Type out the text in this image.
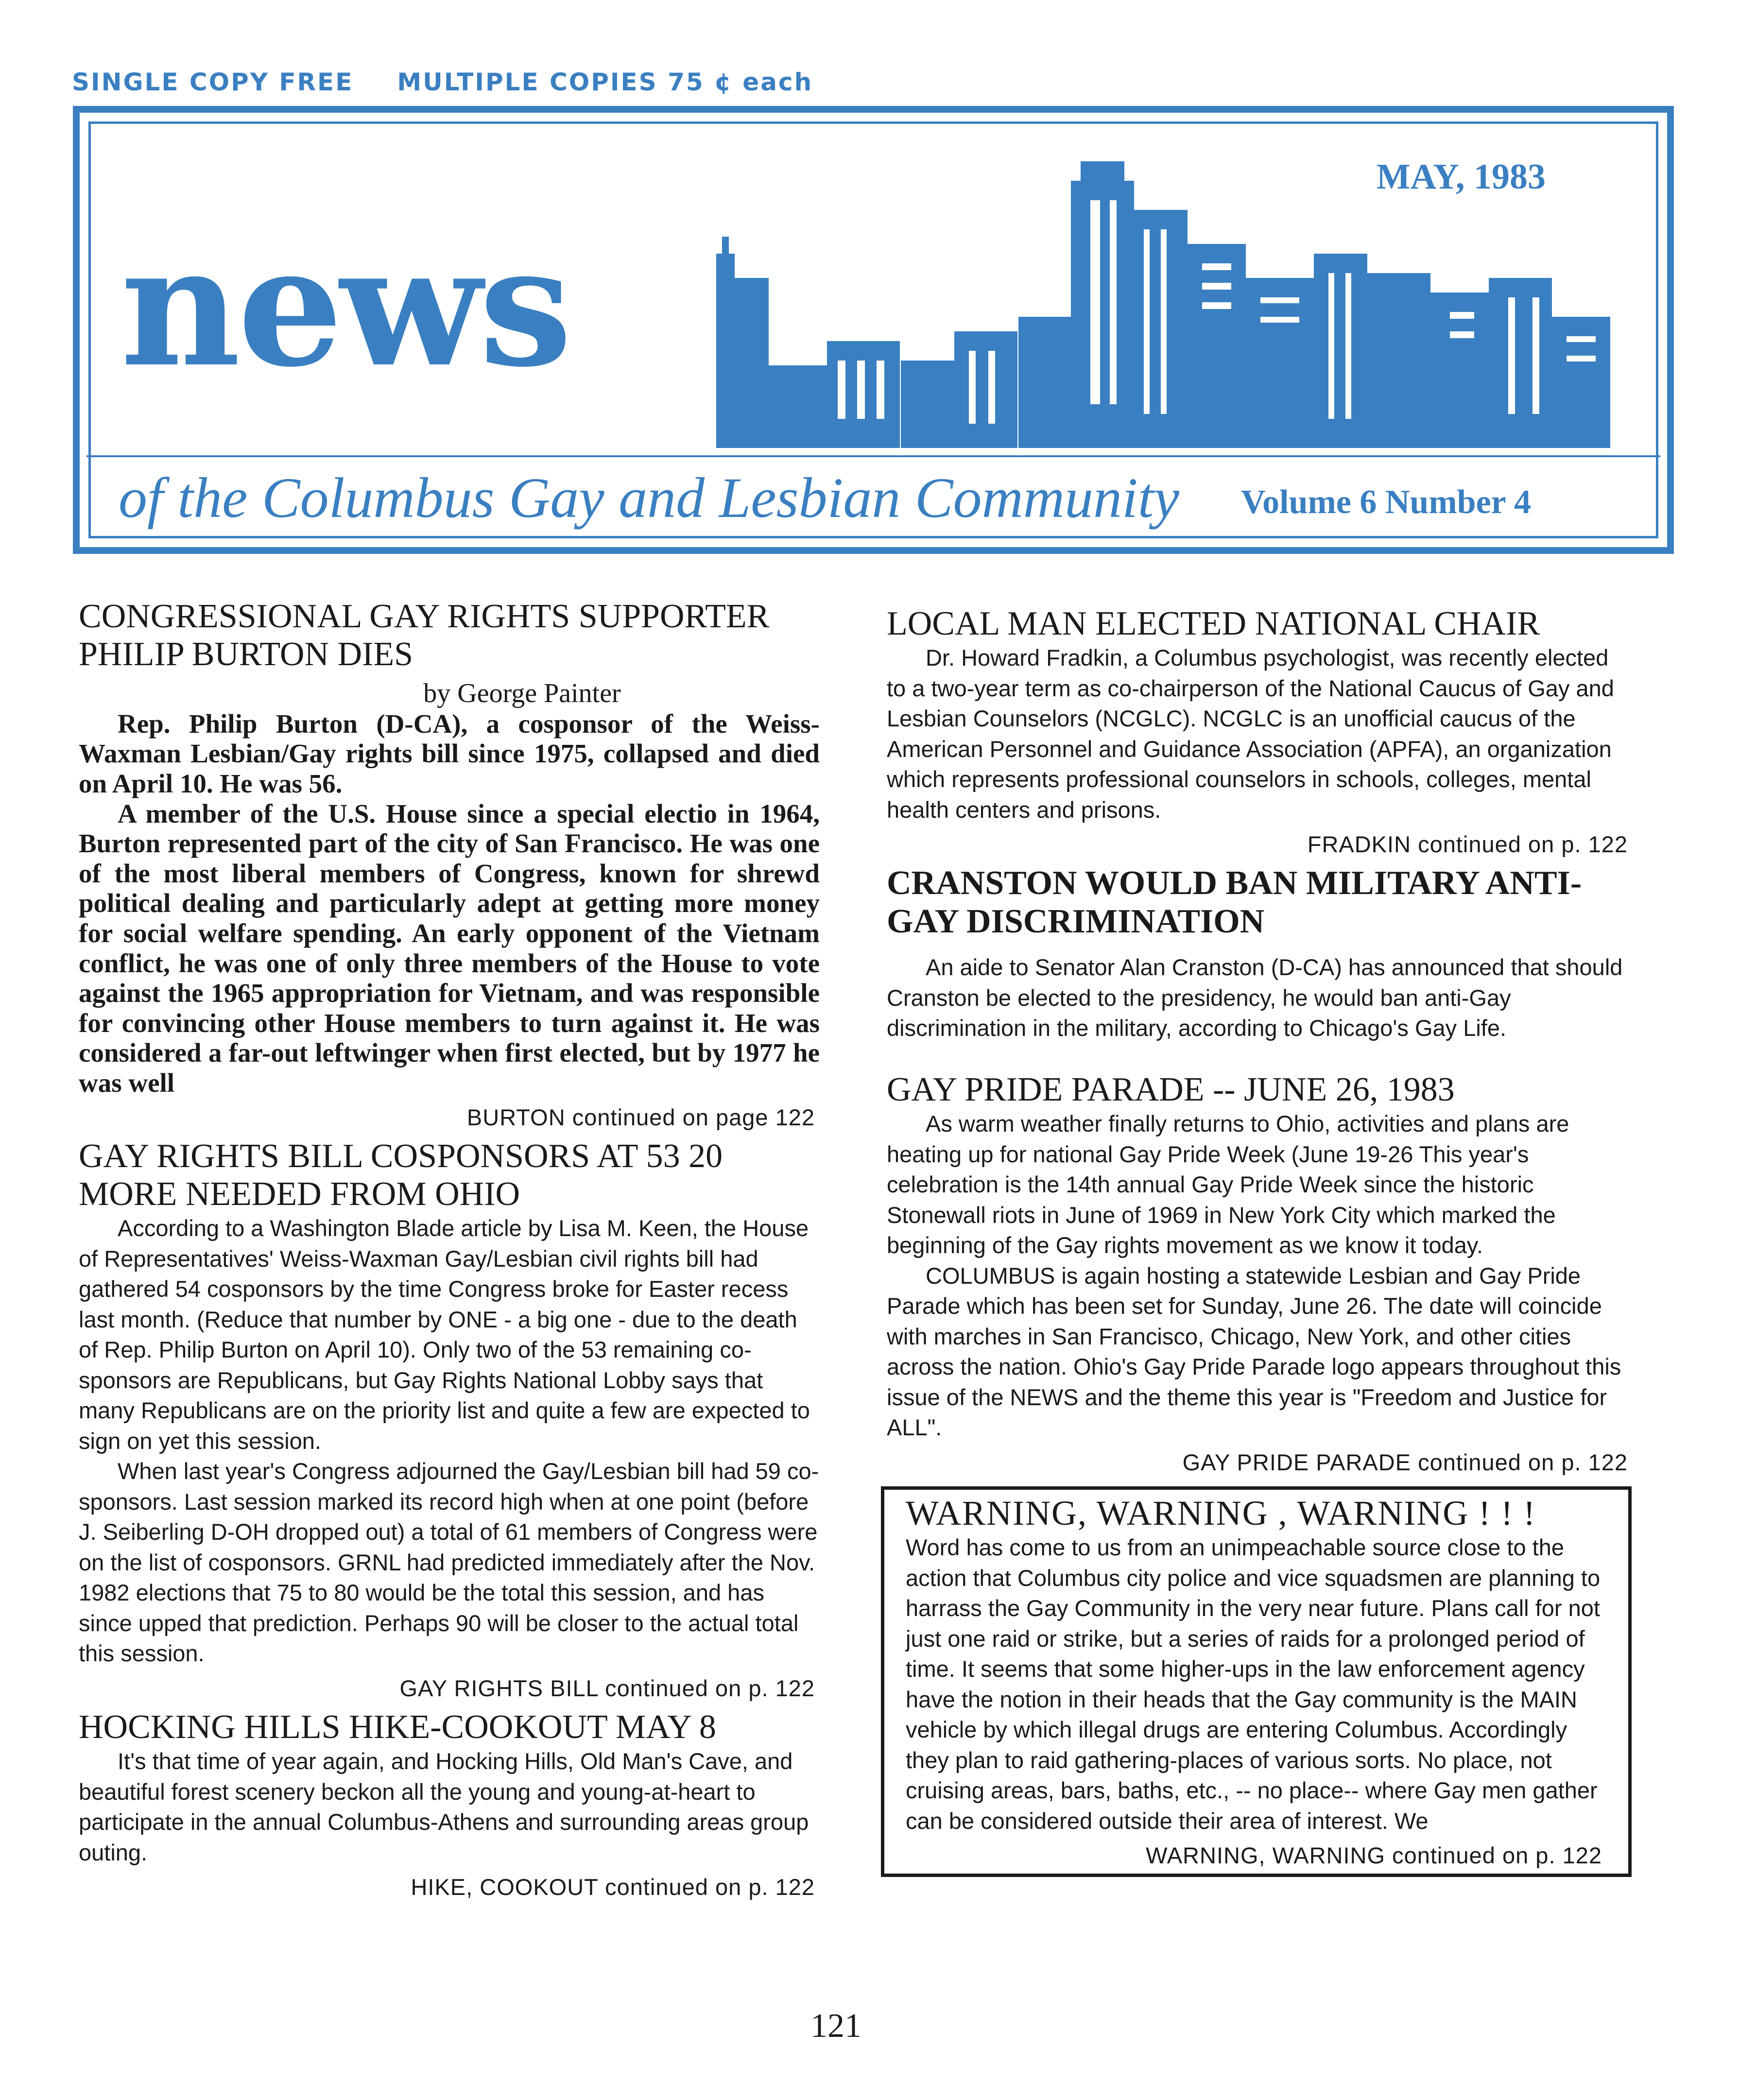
SINGLE COPY FREE MULTIPLE COPIES 75 ¢ each
MAY, 1983
news
of the Columbus Gay and Lesbian Community Volume 6 Number 4
CONGRESSIONAL GAY RIGHTS SUPPORTER PHILIP BURTON DIES

by George Painter

Rep. Philip Burton (D-CA), a cosponsor of the Weiss-Waxman Lesbian/Gay rights bill since 1975, collapsed and died on April 10. He was 56.

A member of the U.S. House since a special electio in 1964, Burton represented part of the city of San Francisco. He was one of the most liberal members of Congress, known for shrewd political dealing and particularly adept at getting more money for social welfare spending. An early opponent of the Vietnam conflict, he was one of only three members of the House to vote against the 1965 appropriation for Vietnam, and was responsible for convincing other House members to turn against it. He was considered a far-out leftwinger when first elected, but by 1977 he was well

BURTON continued on page 122

GAY RIGHTS BILL COSPONSORS AT 53 20 MORE NEEDED FROM OHIO

According to a Washington Blade article by Lisa M. Keen, the House of Representatives' Weiss-Waxman Gay/Lesbian civil rights bill had gathered 54 cosponsors by the time Congress broke for Easter recess last month. (Reduce that number by ONE - a big one - due to the death of Rep. Philip Burton on April 10). Only two of the 53 remaining co-sponsors are Republicans, but Gay Rights National Lobby says that many Republicans are on the priority list and quite a few are expected to sign on yet this session.

When last year's Congress adjourned the Gay/Lesbian bill had 59 co-sponsors. Last session marked its record high when at one point (before J. Seiberling D-OH dropped out) a total of 61 members of Congress were on the list of cosponsors. GRNL had predicted immediately after the Nov. 1982 elections that 75 to 80 would be the total this session, and has since upped that prediction. Perhaps 90 will be closer to the actual total this session.

GAY RIGHTS BILL continued on p. 122

HOCKING HILLS HIKE-COOKOUT MAY 8

It's that time of year again, and Hocking Hills, Old Man's Cave, and beautiful forest scenery beckon all the young and young-at-heart to participate in the annual Columbus-Athens and surrounding areas group outing.

HIKE, COOKOUT continued on p. 122

LOCAL MAN ELECTED NATIONAL CHAIR

Dr. Howard Fradkin, a Columbus psychologist, was recently elected to a two-year term as co-chairperson of the National Caucus of Gay and Lesbian Counselors (NCGLC). NCGLC is an unofficial caucus of the American Personnel and Guidance Association (APFA), an organization which represents professional counselors in schools, colleges, mental health centers and prisons.

FRADKIN continued on p. 122

CRANSTON WOULD BAN MILITARY ANTI-GAY DISCRIMINATION

An aide to Senator Alan Cranston (D-CA) has announced that should Cranston be elected to the presidency, he would ban anti-Gay discrimination in the military, according to Chicago's Gay Life.

GAY PRIDE PARADE -- JUNE 26, 1983

As warm weather finally returns to Ohio, activities and plans are heating up for national Gay Pride Week (June 19-26 This year's celebration is the 14th annual Gay Pride Week since the historic Stonewall riots in June of 1969 in New York City which marked the beginning of the Gay rights movement as we know it today.

COLUMBUS is again hosting a statewide Lesbian and Gay Pride Parade which has been set for Sunday, June 26. The date will coincide with marches in San Francisco, Chicago, New York, and other cities across the nation. Ohio's Gay Pride Parade logo appears throughout this issue of the NEWS and the theme this year is "Freedom and Justice for ALL".

GAY PRIDE PARADE continued on p. 122

WARNING, WARNING , WARNING ! ! !

Word has come to us from an unimpeachable source close to the action that Columbus city police and vice squadsmen are planning to harrass the Gay Community in the very near future. Plans call for not just one raid or strike, but a series of raids for a prolonged period of time. It seems that some higher-ups in the law enforcement agency have the notion in their heads that the Gay community is the MAIN vehicle by which illegal drugs are entering Columbus. Accordingly they plan to raid gathering-places of various sorts. No place, not cruising areas, bars, baths, etc., -- no place-- where Gay men gather can be considered outside their area of interest. We

WARNING, WARNING continued on p. 122

121
